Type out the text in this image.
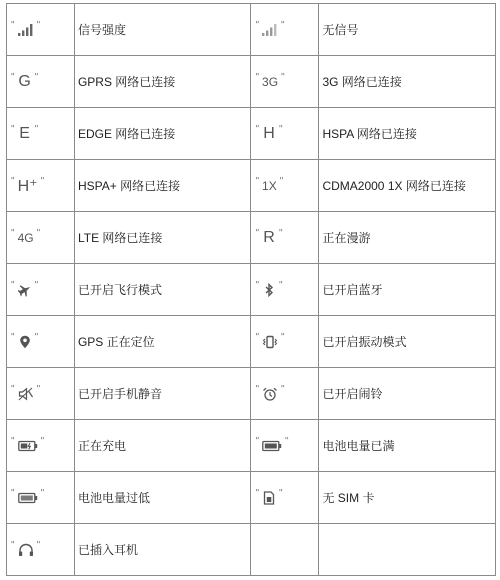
" "	信号强度	" "	无信号

" G "	GPRS 网络已连接	" 3G "	3G 网络已连接

" E "	EDGE 网络已连接	" H "	HSPA 网络已连接

" H⁺ "	HSPA+ 网络已连接	" 1X "	CDMA2000 1X 网络已连接

" 4G "	LTE 网络已连接	" R "	正在漫游

" "	已开启飞行模式	" "	已开启蓝牙

" "	GPS 正在定位	" "	已开启振动模式

" "	已开启手机静音	" "	已开启闹铃

" "	正在充电	" "	电池电量已满

" "	电池电量过低	" "	无 SIM 卡

" "	已插入耳机		
